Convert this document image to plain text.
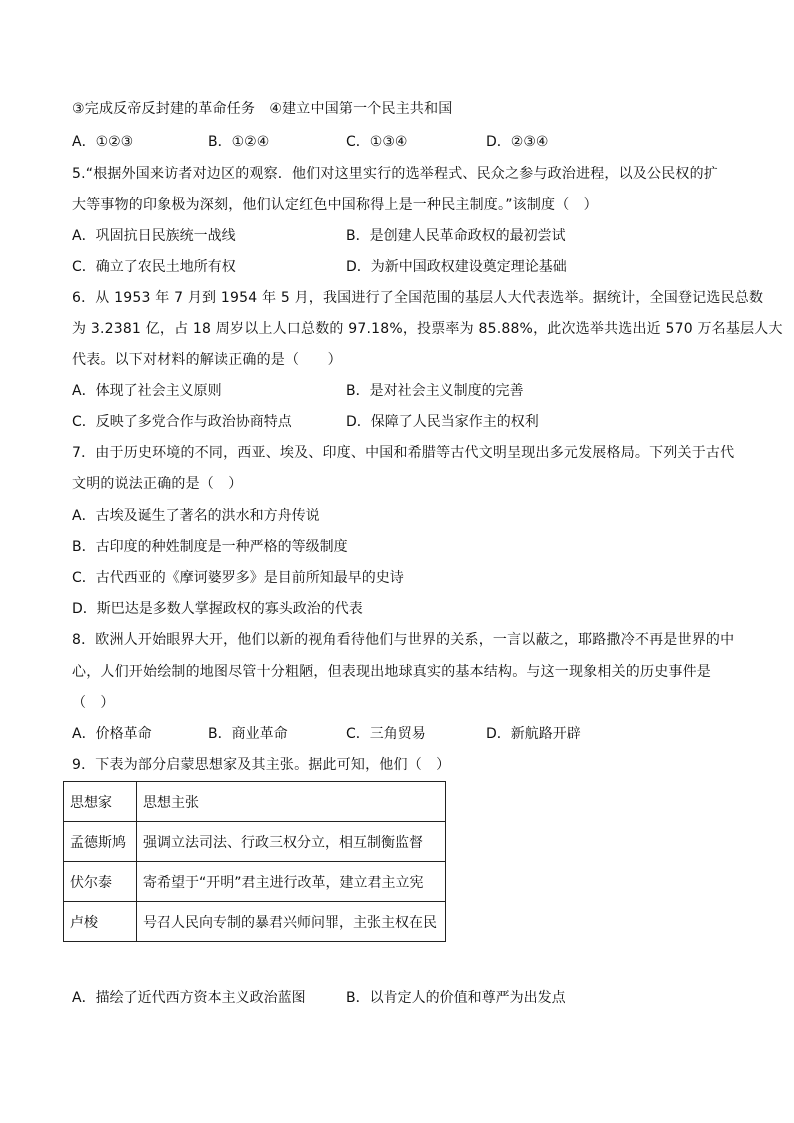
③完成反帝反封建的革命任务　④建立中国第一个民主共和国
A．①②③	B．①②④	C．①③④	D．②③④
5.“根据外国来访者对边区的观察．他们对这里实行的选举程式、民众之参与政治进程，以及公民权的扩
大等事物的印象极为深刻，他们认定红色中国称得上是一种民主制度。”该制度（　）
A．巩固抗日民族统一战线	B．是创建人民革命政权的最初尝试
C．确立了农民土地所有权	D．为新中国政权建设奠定理论基础
6．从 1953 年 7 月到 1954 年 5 月，我国进行了全国范围的基层人大代表选举。据统计，全国登记选民总数
为 3.2381 亿，占 18 周岁以上人口总数的 97.18%，投票率为 85.88%，此次选举共选出近 570 万名基层人大
代表。以下对材料的解读正确的是（　　）
A．体现了社会主义原则	B．是对社会主义制度的完善
C．反映了多党合作与政治协商特点	D．保障了人民当家作主的权利
7．由于历史环境的不同，西亚、埃及、印度、中国和希腊等古代文明呈现出多元发展格局。下列关于古代
文明的说法正确的是（　）
A．古埃及诞生了著名的洪水和方舟传说
B．古印度的种姓制度是一种严格的等级制度
C．古代西亚的《摩诃婆罗多》是目前所知最早的史诗
D．斯巴达是多数人掌握政权的寡头政治的代表
8．欧洲人开始眼界大开，他们以新的视角看待他们与世界的关系，一言以蔽之，耶路撒冷不再是世界的中
心，人们开始绘制的地图尽管十分粗陋，但表现出地球真实的基本结构。与这一现象相关的历史事件是
（　）
A．价格革命	B．商业革命	C．三角贸易	D．新航路开辟
9．下表为部分启蒙思想家及其主张。据此可知，他们（　）
思想家	思想主张
孟德斯鸠	强调立法司法、行政三权分立，相互制衡监督
伏尔泰	寄希望于“开明”君主进行改革，建立君主立宪
卢梭	号召人民向专制的暴君兴师问罪，主张主权在民
A．描绘了近代西方资本主义政治蓝图	B．以肯定人的价值和尊严为出发点
